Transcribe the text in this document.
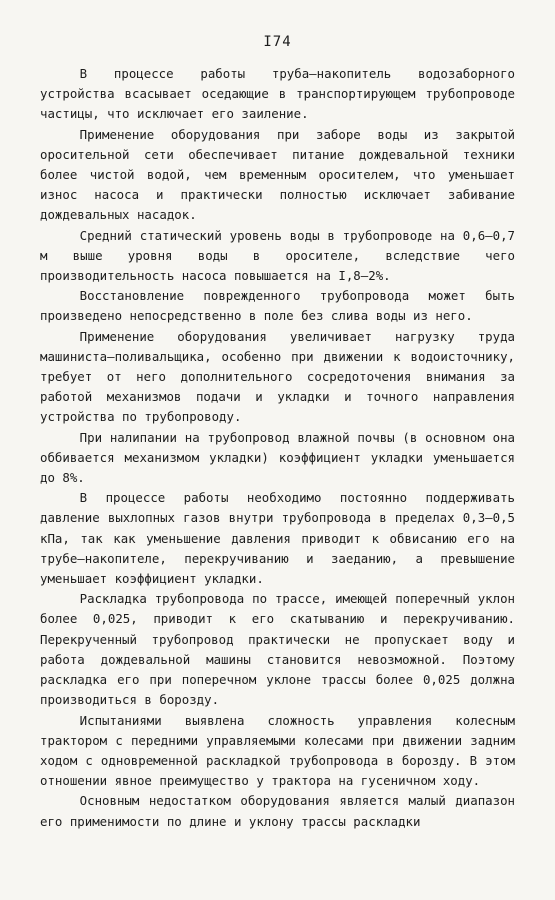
I74

В процессе работы труба–накопитель водозаборного устройства всасывает оседающие в транспортирующем трубопроводе частицы, что исключает его заиление.

Применение оборудования при заборе воды из закрытой оросительной сети обеспечивает питание дождевальной техники более чистой водой, чем временным оросителем, что уменьшает износ насоса и практически полностью исключает забивание дождевальных насадок.

Средний статический уровень воды в трубопроводе на 0,6–0,7 м выше уровня воды в оросителе, вследствие чего производительность насоса повышается на I,8–2%.

Восстановление поврежденного трубопровода может быть произведено непосредственно в поле без слива воды из него.

Применение оборудования увеличивает нагрузку труда машиниста–поливальщика, особенно при движении к водоисточнику, требует от него дополнительного сосредоточения внимания за работой механизмов подачи и укладки и точного направления устройства по трубопроводу.

При налипании на трубопровод влажной почвы (в основном она оббивается механизмом укладки) коэффициент укладки уменьшается до 8%.

В процессе работы необходимо постоянно поддерживать давление выхлопных газов внутри трубопровода в пределах 0,3–0,5 кПа, так как уменьшение давления приводит к обвисанию его на трубе–накопителе, перекручиванию и заеданию, а превышение уменьшает коэффициент укладки.

Раскладка трубопровода по трассе, имеющей поперечный уклон более 0,025, приводит к его скатыванию и перекручиванию. Перекрученный трубопровод практически не пропускает воду и работа дождевальной машины становится невозможной. Поэтому раскладка его при поперечном уклоне трассы более 0,025 должна производиться в борозду.

Испытаниями выявлена сложность управления колесным трактором с передними управляемыми колесами при движении задним ходом с одновременной раскладкой трубопровода в борозду. В этом отношении явное преимущество у трактора на гусеничном ходу.

Основным недостатком оборудования является малый диапазон его применимости по длине и уклону трассы раскладки
